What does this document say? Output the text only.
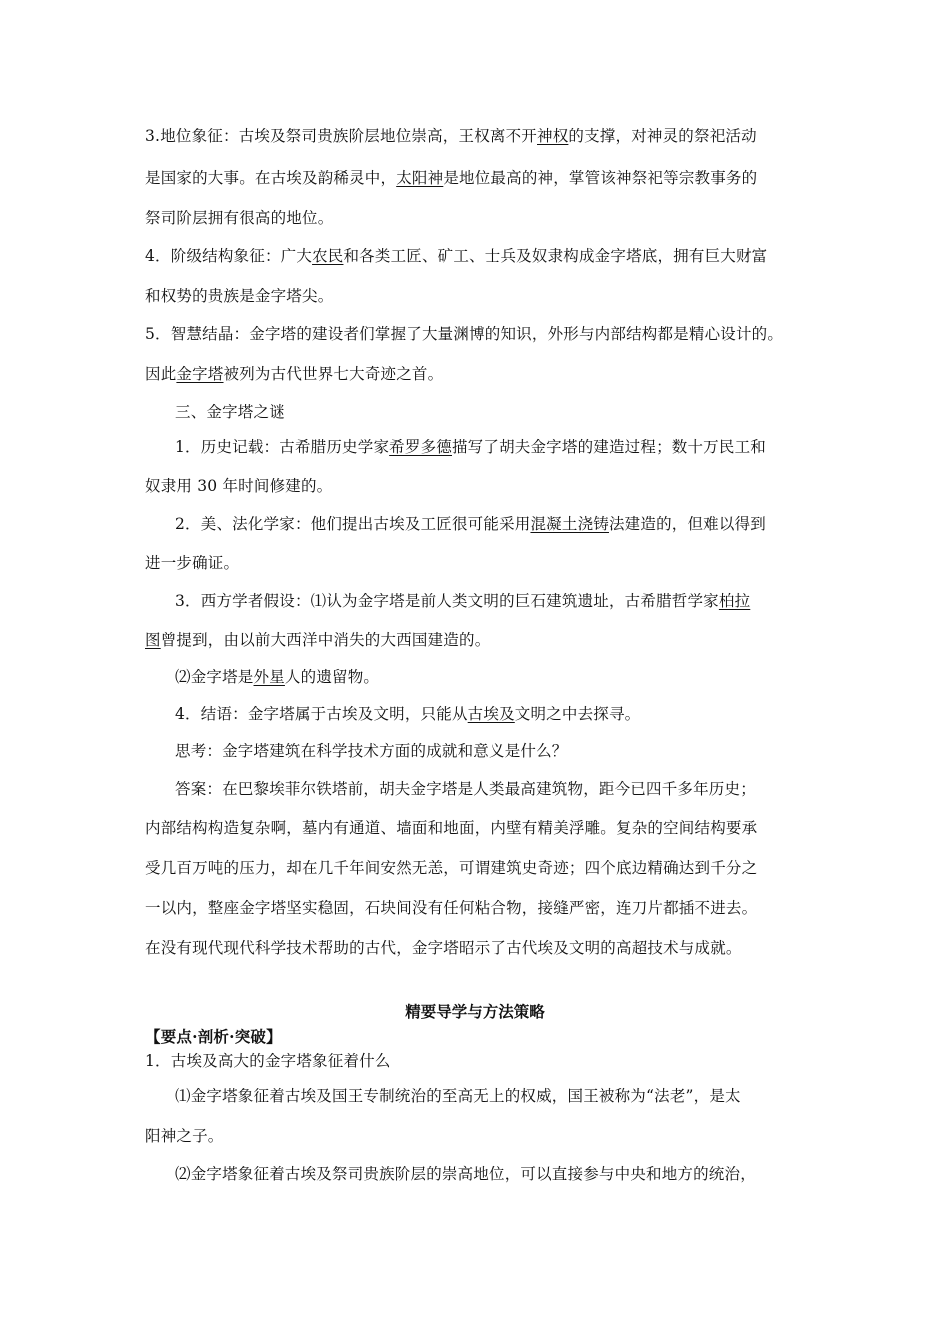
3.地位象征：古埃及祭司贵族阶层地位崇高，王权离不开神权的支撑，对神灵的祭祀活动
是国家的大事。在古埃及韵稀灵中，太阳神是地位最高的神，掌管该神祭祀等宗教事务的
祭司阶层拥有很高的地位。
4．阶级结构象征：广大农民和各类工匠、矿工、士兵及奴隶构成金字塔底，拥有巨大财富
和权势的贵族是金字塔尖。
5．智慧结晶：金字塔的建设者们掌握了大量渊博的知识，外形与内部结构都是精心设计的。
因此金字塔被列为古代世界七大奇迹之首。
三、金字塔之谜
1．历史记载：古希腊历史学家希罗多德描写了胡夫金字塔的建造过程；数十万民工和
奴隶用 30 年时间修建的。
2．美、法化学家：他们提出古埃及工匠很可能采用混凝土浇铸法建造的，但难以得到
进一步确证。
3．西方学者假设：⑴认为金字塔是前人类文明的巨石建筑遗址，古希腊哲学家柏拉
图曾提到，由以前大西洋中消失的大西国建造的。
⑵金字塔是外星人的遗留物。
4．结语：金字塔属于古埃及文明，只能从古埃及文明之中去探寻。
思考：金字塔建筑在科学技术方面的成就和意义是什么？
答案：在巴黎埃菲尔铁塔前，胡夫金字塔是人类最高建筑物，距今已四千多年历史；
内部结构构造复杂啊，墓内有通道、墙面和地面，内壁有精美浮雕。复杂的空间结构要承
受几百万吨的压力，却在几千年间安然无恙，可谓建筑史奇迹；四个底边精确达到千分之
一以内，整座金字塔坚实稳固，石块间没有任何粘合物，接缝严密，连刀片都插不进去。
在没有现代现代科学技术帮助的古代，金字塔昭示了古代埃及文明的高超技术与成就。
精要导学与方法策略
【要点·剖析·突破】
1．古埃及高大的金字塔象征着什么
⑴金字塔象征着古埃及国王专制统治的至高无上的权威，国王被称为“法老”，是太
阳神之子。
⑵金字塔象征着古埃及祭司贵族阶层的崇高地位，可以直接参与中央和地方的统治，
